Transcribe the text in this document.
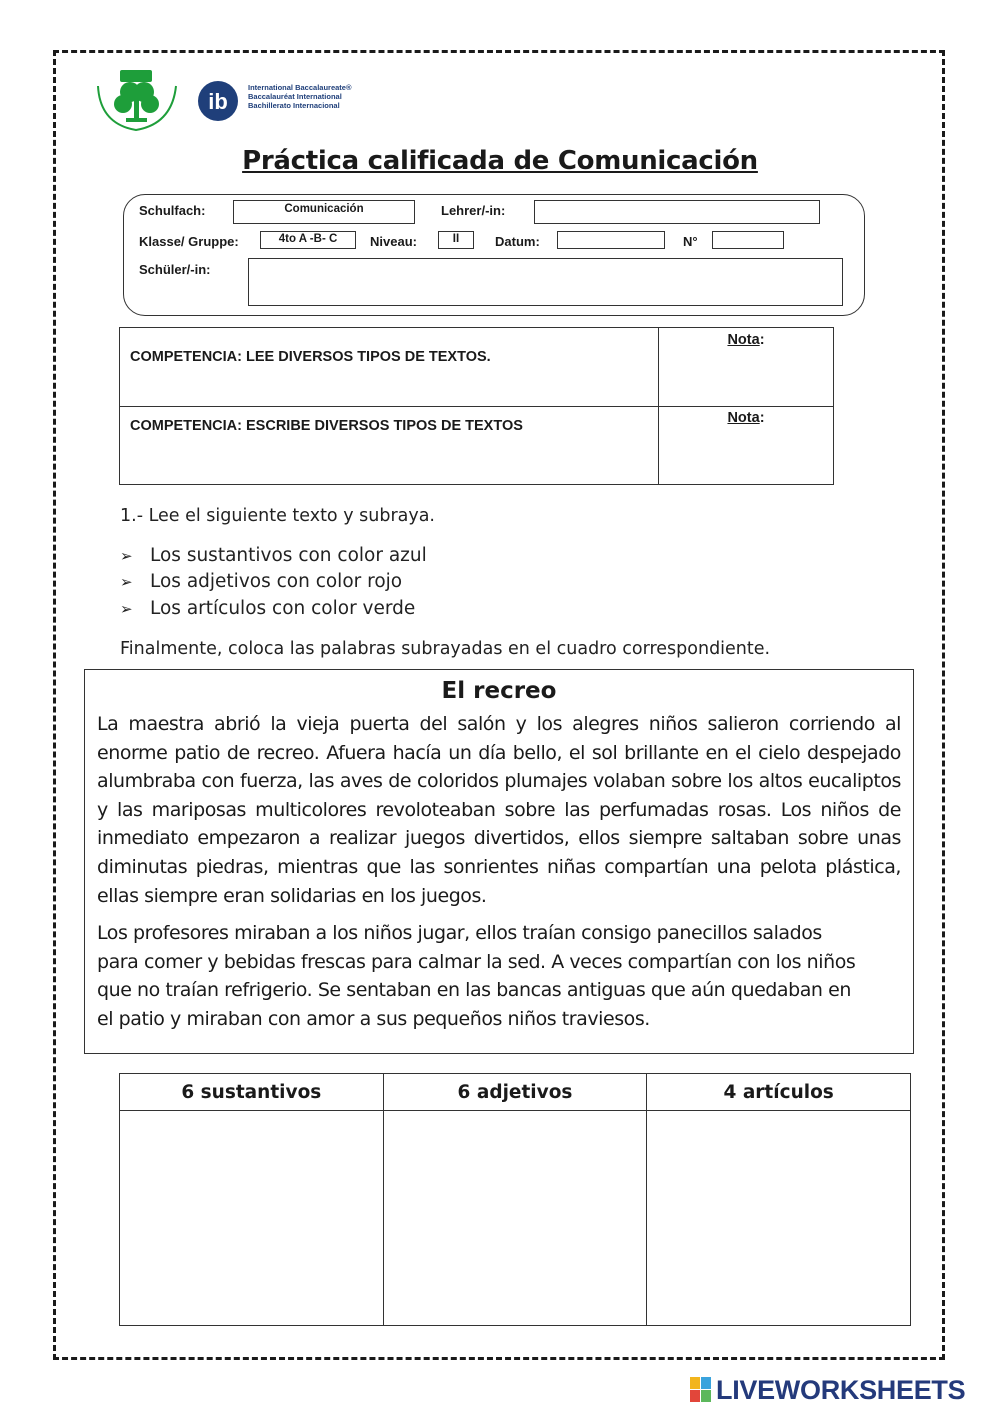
ib
International Baccalaureate®
Baccalauréat International
Bachillerato Internacional
Práctica calificada de Comunicación
Schulfach:	Comunicación	Lehrer/-in:
Klasse/ Gruppe:	4to A -B- C	Niveau:	II	Datum:	N°
Schüler/-in:
COMPETENCIA: LEE DIVERSOS TIPOS DE TEXTOS.	Nota:

COMPETENCIA: ESCRIBE DIVERSOS TIPOS DE TEXTOS	Nota:
1.- Lee el siguiente texto y subraya.
➢ Los sustantivos con color azul
➢ Los adjetivos con color rojo
➢ Los artículos con color verde
Finalmente, coloca las palabras subrayadas en el cuadro correspondiente.
El recreo
La maestra abrió la vieja puerta del salón y los alegres niños salieron corriendo al enorme patio de recreo. Afuera hacía un día bello, el sol brillante en el cielo despejado alumbraba con fuerza, las aves de coloridos plumajes volaban sobre los altos eucaliptos y las mariposas multicolores revoloteaban sobre las perfumadas rosas. Los niños de inmediato empezaron a realizar juegos divertidos, ellos siempre saltaban sobre unas diminutas piedras, mientras que las sonrientes niñas compartían una pelota plástica, ellas siempre eran solidarias en los juegos.
Los profesores miraban a los niños jugar, ellos traían consigo panecillos salados
para comer y bebidas frescas para calmar la sed. A veces compartían con los niños
que no traían refrigerio. Se sentaban en las bancas antiguas que aún quedaban en
el patio y miraban con amor a sus pequeños niños traviesos.
6 sustantivos	6 adjetivos	4 artículos

LIVEWORKSHEETS
